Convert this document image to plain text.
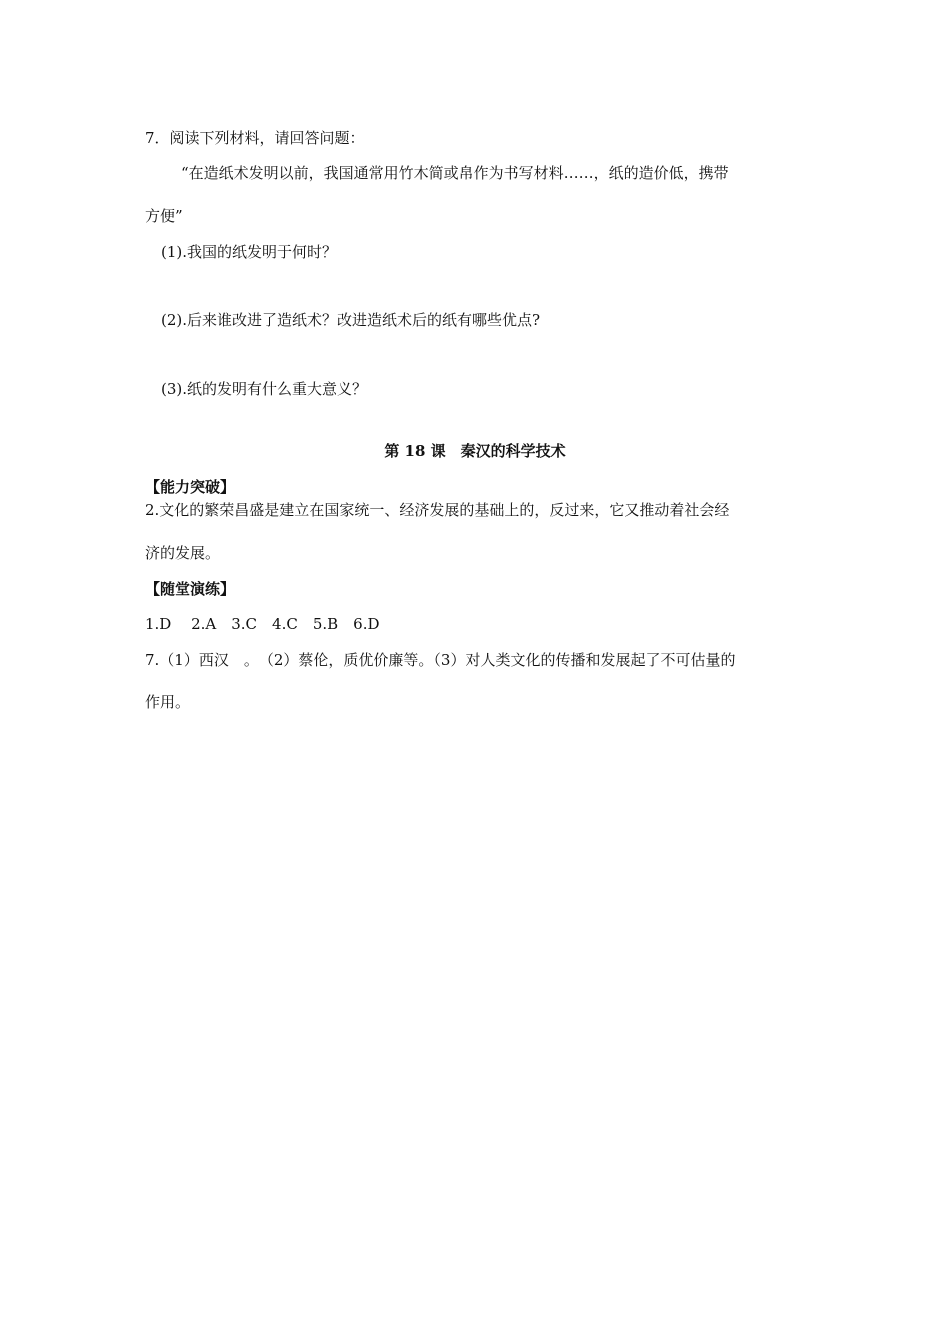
7．阅读下列材料，请回答问题：
“在造纸术发明以前，我国通常用竹木简或帛作为书写材料……，纸的造价低，携带
方便”
(1).我国的纸发明于何时？
(2).后来谁改进了造纸术？改进造纸术后的纸有哪些优点?
(3).纸的发明有什么重大意义？
第 18 课　秦汉的科学技术
【能力突破】
2.文化的繁荣昌盛是建立在国家统一、经济发展的基础上的，反过来，它又推动着社会经
济的发展。
【随堂演练】
1.D　 2.A　3.C　4.C　5.B　6.D
7.（1）西汉　。　（2）蔡伦，质优价廉等。（3）对人类文化的传播和发展起了不可估量的
作用。
